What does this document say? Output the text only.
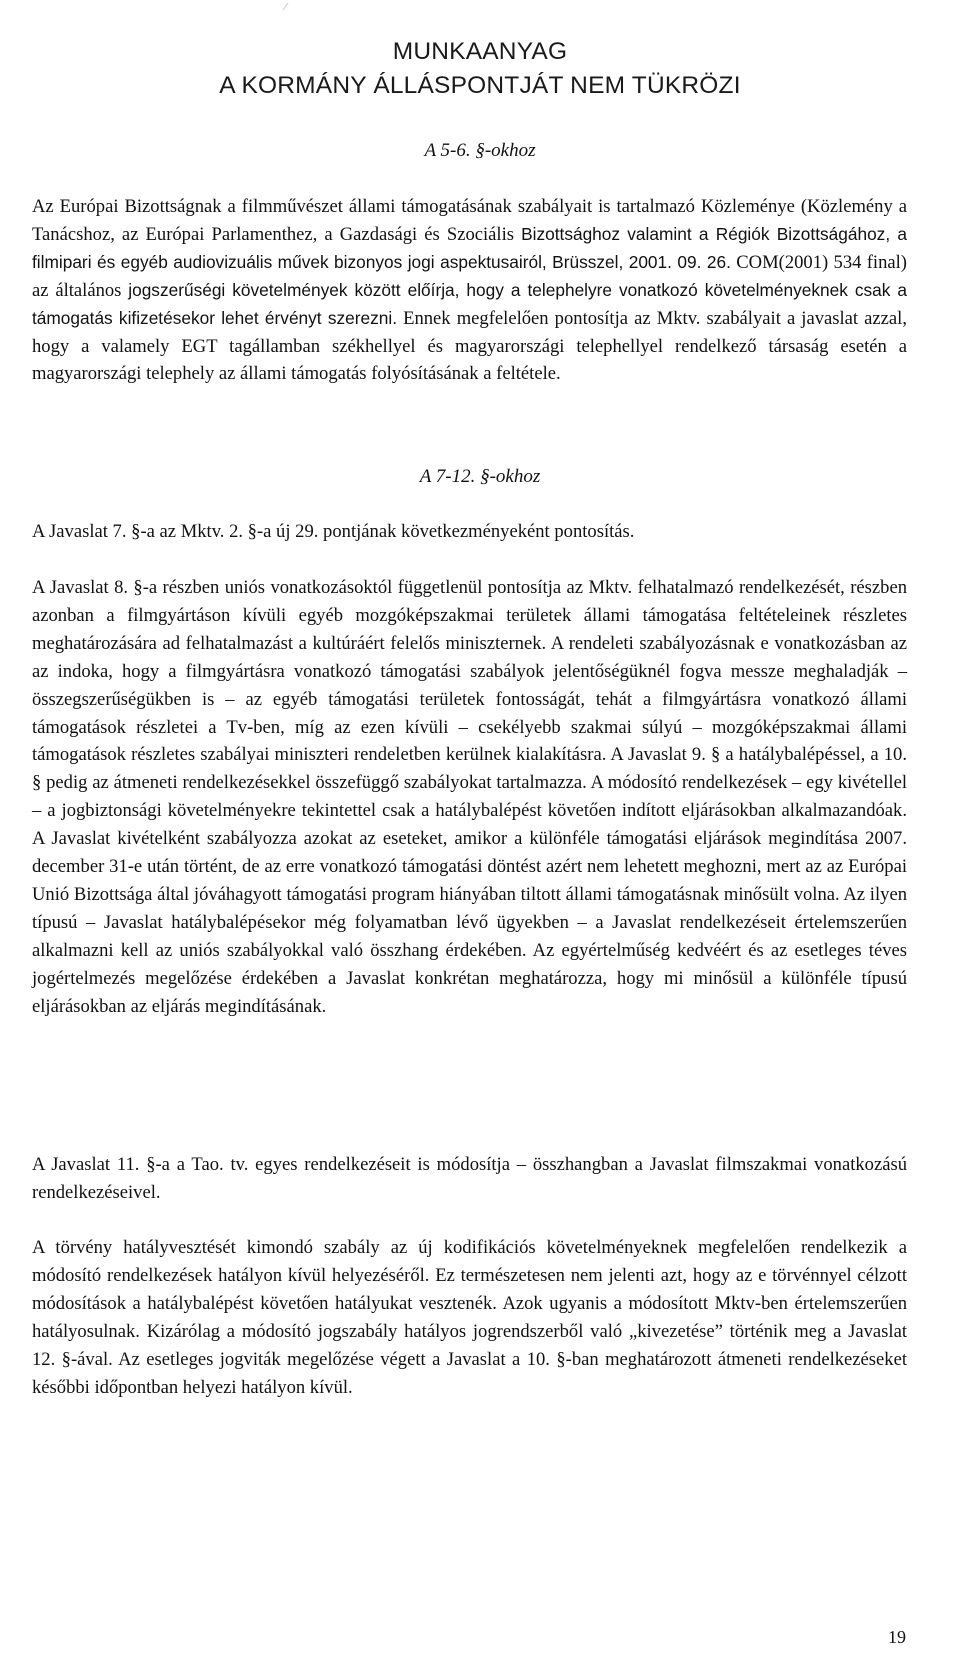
MUNKAANYAG
A KORMÁNY ÁLLÁSPONTJÁT NEM TÜKRÖZI
A 5-6. §-okhoz

Az Európai Bizottságnak a filmművészet állami támogatásának szabályait is tartalmazó Közleménye (Közlemény a Tanácshoz, az Európai Parlamenthez, a Gazdasági és Szociális Bizottsághoz valamint a Régiók Bizottságához, a filmipari és egyéb audiovizuális művek bizonyos jogi aspektusairól, Brüsszel, 2001. 09. 26. COM(2001) 534 final) az általános jogszerűségi követelmények között előírja, hogy a telephelyre vonatkozó követelményeknek csak a támogatás kifizetésekor lehet érvényt szerezni. Ennek megfelelően pontosítja az Mktv. szabályait a javaslat azzal, hogy a valamely EGT tagállamban székhellyel és magyarországi telephellyel rendelkező társaság esetén a magyarországi telephely az állami támogatás folyósításának a feltétele.

A 7-12. §-okhoz

A Javaslat 7. §-a az Mktv. 2. §-a új 29. pontjának következményeként pontosítás.

A Javaslat 8. §-a részben uniós vonatkozásoktól függetlenül pontosítja az Mktv. felhatalmazó rendelkezését, részben azonban a filmgyártáson kívüli egyéb mozgóképszakmai területek állami támogatása feltételeinek részletes meghatározására ad felhatalmazást a kultúráért felelős miniszternek. A rendeleti szabályozásnak e vonatkozásban az az indoka, hogy a filmgyártásra vonatkozó támogatási szabályok jelentőségüknél fogva messze meghaladják – összegszerűségükben is – az egyéb támogatási területek fontosságát, tehát a filmgyártásra vonatkozó állami támogatások részletei a Tv-ben, míg az ezen kívüli – csekélyebb szakmai súlyú – mozgóképszakmai állami támogatások részletes szabályai miniszteri rendeletben kerülnek kialakításra. A Javaslat 9. § a hatálybalépéssel, a 10. § pedig az átmeneti rendelkezésekkel összefüggő szabályokat tartalmazza. A módosító rendelkezések – egy kivétellel – a jogbiztonsági követelményekre tekintettel csak a hatálybalépést követően indított eljárásokban alkalmazandóak. A Javaslat kivételként szabályozza azokat az eseteket, amikor a különféle támogatási eljárások megindítása 2007. december 31-e után történt, de az erre vonatkozó támogatási döntést azért nem lehetett meghozni, mert az az Európai Unió Bizottsága által jóváhagyott támogatási program hiányában tiltott állami támogatásnak minősült volna. Az ilyen típusú – Javaslat hatálybalépésekor még folyamatban lévő ügyekben – a Javaslat rendelkezéseit értelemszerűen alkalmazni kell az uniós szabályokkal való összhang érdekében. Az egyértelműség kedvéért és az esetleges téves jogértelmezés megelőzése érdekében a Javaslat konkrétan meghatározza, hogy mi minősül a különféle típusú eljárásokban az eljárás megindításának.

A Javaslat 11. §-a a Tao. tv. egyes rendelkezéseit is módosítja – összhangban a Javaslat filmszakmai vonatkozású rendelkezéseivel.

A törvény hatályvesztését kimondó szabály az új kodifikációs követelményeknek megfelelően rendelkezik a módosító rendelkezések hatályon kívül helyezéséről. Ez természetesen nem jelenti azt, hogy az e törvénnyel célzott módosítások a hatálybalépést követően hatályukat vesztenék. Azok ugyanis a módosított Mktv-ben értelemszerűen hatályosulnak. Kizárólag a módosító jogszabály hatályos jogrendszerből való „kivezetése” történik meg a Javaslat 12. §-ával. Az esetleges jogviták megelőzése végett a Javaslat a 10. §-ban meghatározott átmeneti rendelkezéseket későbbi időpontban helyezi hatályon kívül.

19
